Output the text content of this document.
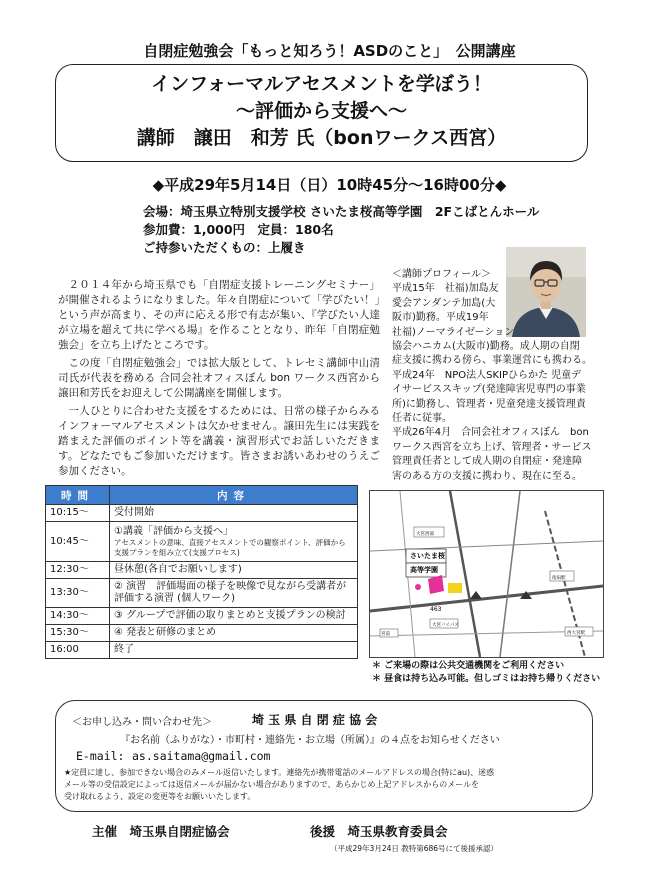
自閉症勉強会「もっと知ろう！ASDのこと」　公開講座
インフォーマルアセスメントを学ぼう！
～評価から支援へ～
講師　譲田　和芳 氏（bonワークス西宮）
◆平成29年5月14日（日）10時45分～16時00分◆
会場：埼玉県立特別支援学校 さいたま桜高等学園　2Fこばとんホール
参加費：1,000円　定員：180名
ご持参いただくもの：上履き

２０１４年から埼玉県でも「自閉症支援トレーニングセミナー」が開催されるようになりました。年々自閉症について「学びたい！」という声が高まり、その声に応える形で有志が集い、『学びたい人達が立場を超えて共に学べる場』を作ることとなり、昨年「自閉症勉強会」を立ち上げたところです。

この度「自閉症勉強会」では拡大版として、トレセミ講師中山清司氏が代表を務める 合同会社オフィスぼん bon ワークス西宮から譲田和芳氏をお迎えして公開講座を開催します。

一人ひとりに合わせた支援をするためには、日常の様子からみるインフォーマルアセスメントは欠かせません。譲田先生には実践を踏まえた評価のポイント等を講義・演習形式でお話しいただきます。どなたでもご参加いただけます。皆さまお誘いあわせのうえご参加ください。

＜講師プロフィール＞
平成15年　社福)加島友
愛会アンダンテ加島(大
阪市)勤務。平成19年
社福)ノーマライゼーション
協会ハニカム(大阪市)勤務。成人期の自閉
症支援に携わる傍ら、事業運営にも携わる。
平成24年　NPO法人SKIPひらかた 児童デ
イサービススキップ(発達障害児専門の事業
所)に勤務し、管理者・児童発達支援管理責
任者に従事。
平成26年4月　合同会社オフィスぼん　bon
ワークス西宮を立ち上げ、管理者・サービス
管理責任者として成人期の自閉症・発達障
害のある方の支援に携わり、現在に至る。
時間	内容
10:15～	受付開始

10:45～	①講義「評価から支援へ」
アセスメントの意味、直接アセスメントでの観察ポイント、評価から支援プランを組み立て(支援プロセス)

12:30～	昼休憩(各自でお願いします)

13:30～	② 演習　評価場面の様子を映像で見ながら受講者が評価する演習 (個人ワーク)

14:30～	③ グループで評価の取りまとめと支援プランの検討

15:30～	④ 発表と研修のまとめ

16:00	終了
さいたま桜
高等学園
463
大宮西部
大宮バイパス
指扇駅
西大宮駅
宮前
＊ ご来場の際は公共交通機関をご利用ください
＊ 昼食は持ち込み可能。但しゴミはお持ち帰りください
＜お申し込み・問い合わせ先＞	埼 玉 県 自 閉 症 協 会
『お名前（ふりがな）・市町村・連絡先・お立場（所属）』の４点をお知らせください
E-mail: as.saitama@gmail.com
★定員に達し、参加できない場合のみメール返信いたします。連絡先が携帯電話のメールアドレスの場合(特にau)、迷惑
メール等の受信設定によっては返信メールが届かない場合がありますので、あらかじめ上記アドレスからのメールを
受け取れるよう、設定の変更等をお願いいたします。
主催　埼玉県自閉症協会	後援　埼玉県教育委員会
（平成29年3月24日 教特第686号にて後援承認）
